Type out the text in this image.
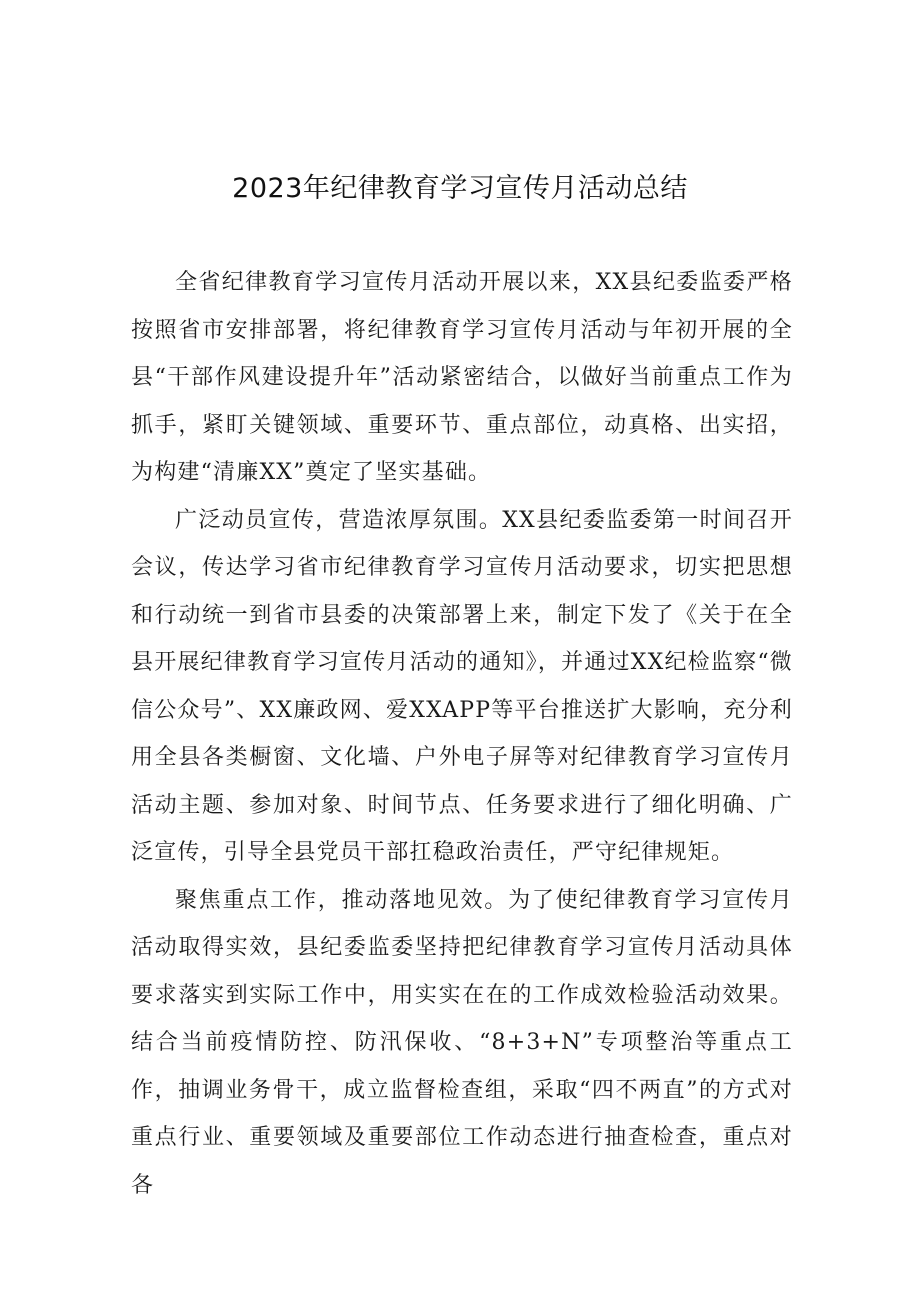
2023年纪律教育学习宣传月活动总结

全省纪律教育学习宣传月活动开展以来，XX县纪委监委严格按照省市安排部署，将纪律教育学习宣传月活动与年初开展的全县“干部作风建设提升年”活动紧密结合，以做好当前重点工作为抓手，紧盯关键领域、重要环节、重点部位，动真格、出实招，为构建“清廉XX”奠定了坚实基础。

广泛动员宣传，营造浓厚氛围。XX县纪委监委第一时间召开会议，传达学习省市纪律教育学习宣传月活动要求，切实把思想和行动统一到省市县委的决策部署上来，制定下发了《关于在全县开展纪律教育学习宣传月活动的通知》，并通过XX纪检监察“微信公众号”、XX廉政网、爱XXAPP等平台推送扩大影响，充分利用全县各类橱窗、文化墙、户外电子屏等对纪律教育学习宣传月活动主题、参加对象、时间节点、任务要求进行了细化明确、广泛宣传，引导全县党员干部扛稳政治责任，严守纪律规矩。

聚焦重点工作，推动落地见效。为了使纪律教育学习宣传月活动取得实效，县纪委监委坚持把纪律教育学习宣传月活动具体要求落实到实际工作中，用实实在在的工作成效检验活动效果。结合当前疫情防控、防汛保收、“8+3+N”专项整治等重点工作，抽调业务骨干，成立监督检查组，采取“四不两直”的方式对重点行业、重要领域及重要部位工作动态进行抽查检查，重点对各
